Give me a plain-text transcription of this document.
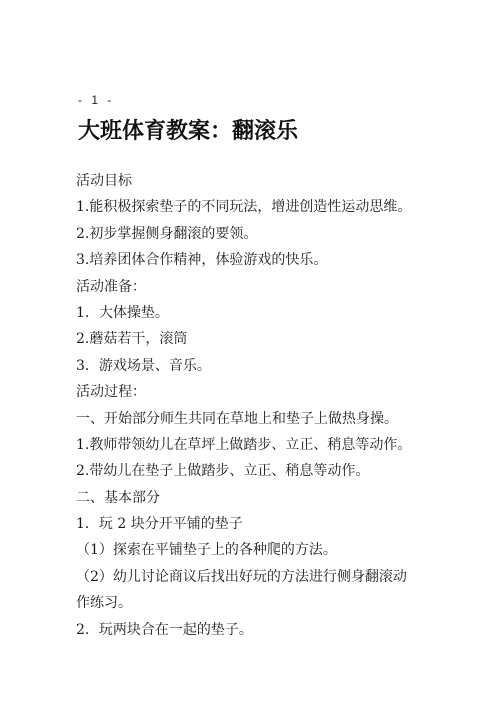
- 1 -
大班体育教案：翻滚乐
活动目标
1.能积极探索垫子的不同玩法，增进创造性运动思维。
2.初步掌握侧身翻滚的要领。
3.培养团体合作精神，体验游戏的快乐。
活动准备：
1．大体操垫。
2.蘑菇若干，滚筒
3．游戏场景、音乐。
活动过程：
一、开始部分师生共同在草地上和垫子上做热身操。
1.教师带领幼儿在草坪上做踏步、立正、稍息等动作。
2.带幼儿在垫子上做踏步、立正、稍息等动作。
二、基本部分
1．玩 2 块分开平铺的垫子
（1）探索在平铺垫子上的各种爬的方法。
（2）幼儿讨论商议后找出好玩的方法进行侧身翻滚动
作练习。
2．玩两块合在一起的垫子。
